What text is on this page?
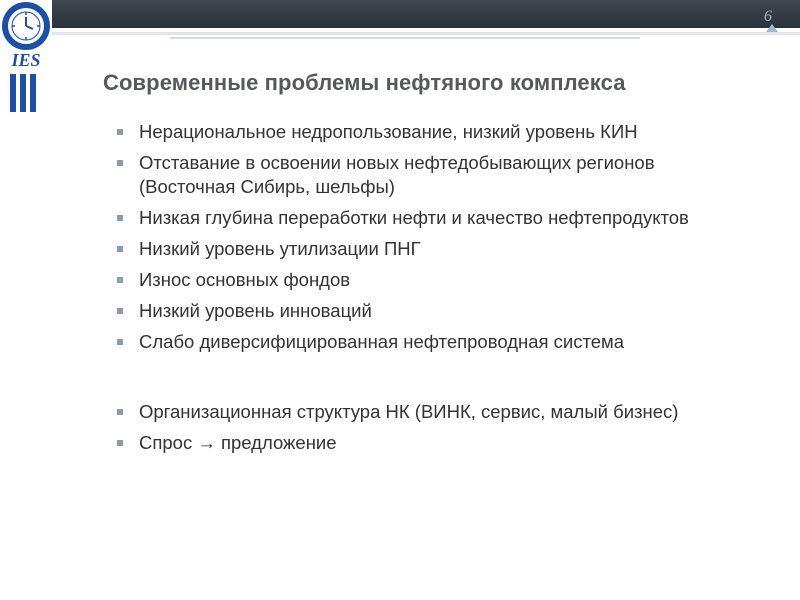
6
IES
Современные проблемы нефтяного комплекса
Нерациональное недропользование, низкий уровень КИН
Отставание в освоении новых нефтедобывающих регионов (Восточная Сибирь, шельфы)
Низкая глубина переработки нефти и качество нефтепродуктов
Низкий уровень утилизации ПНГ
Износ основных фондов
Низкий уровень инноваций
Слабо диверсифицированная нефтепроводная система
Организационная структура НК (ВИНК, сервис, малый бизнес)
Спрос → предложение
